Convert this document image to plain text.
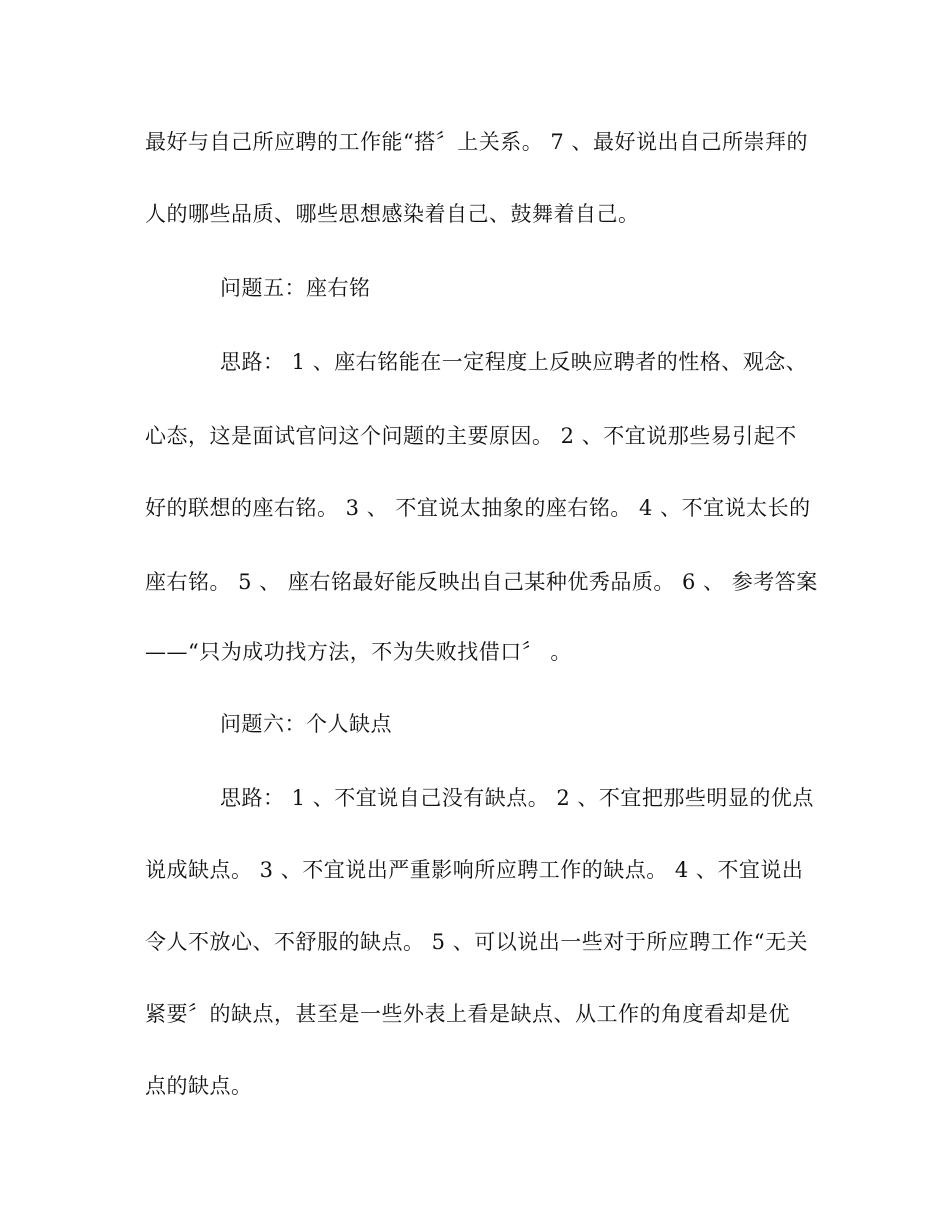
最好与自己所应聘的工作能“搭〞上关系。 7 、最好说出自己所崇拜的
人的哪些品质、哪些思想感染着自己、鼓舞着自己。
问题五：座右铭
思路： 1 、座右铭能在一定程度上反映应聘者的性格、观念、
心态，这是面试官问这个问题的主要原因。 2 、不宜说那些易引起不
好的联想的座右铭。 3 、 不宜说太抽象的座右铭。 4 、不宜说太长的
座右铭。 5 、 座右铭最好能反映出自己某种优秀品质。 6 、 参考答案
——“只为成功找方法，不为失败找借口〞 。
问题六：个人缺点
思路： 1 、不宜说自己没有缺点。 2 、不宜把那些明显的优点
说成缺点。 3 、不宜说出严重影响所应聘工作的缺点。 4 、不宜说出
令人不放心、不舒服的缺点。 5 、可以说出一些对于所应聘工作“无关
紧要〞的缺点，甚至是一些外表上看是缺点、从工作的角度看却是优
点的缺点。
